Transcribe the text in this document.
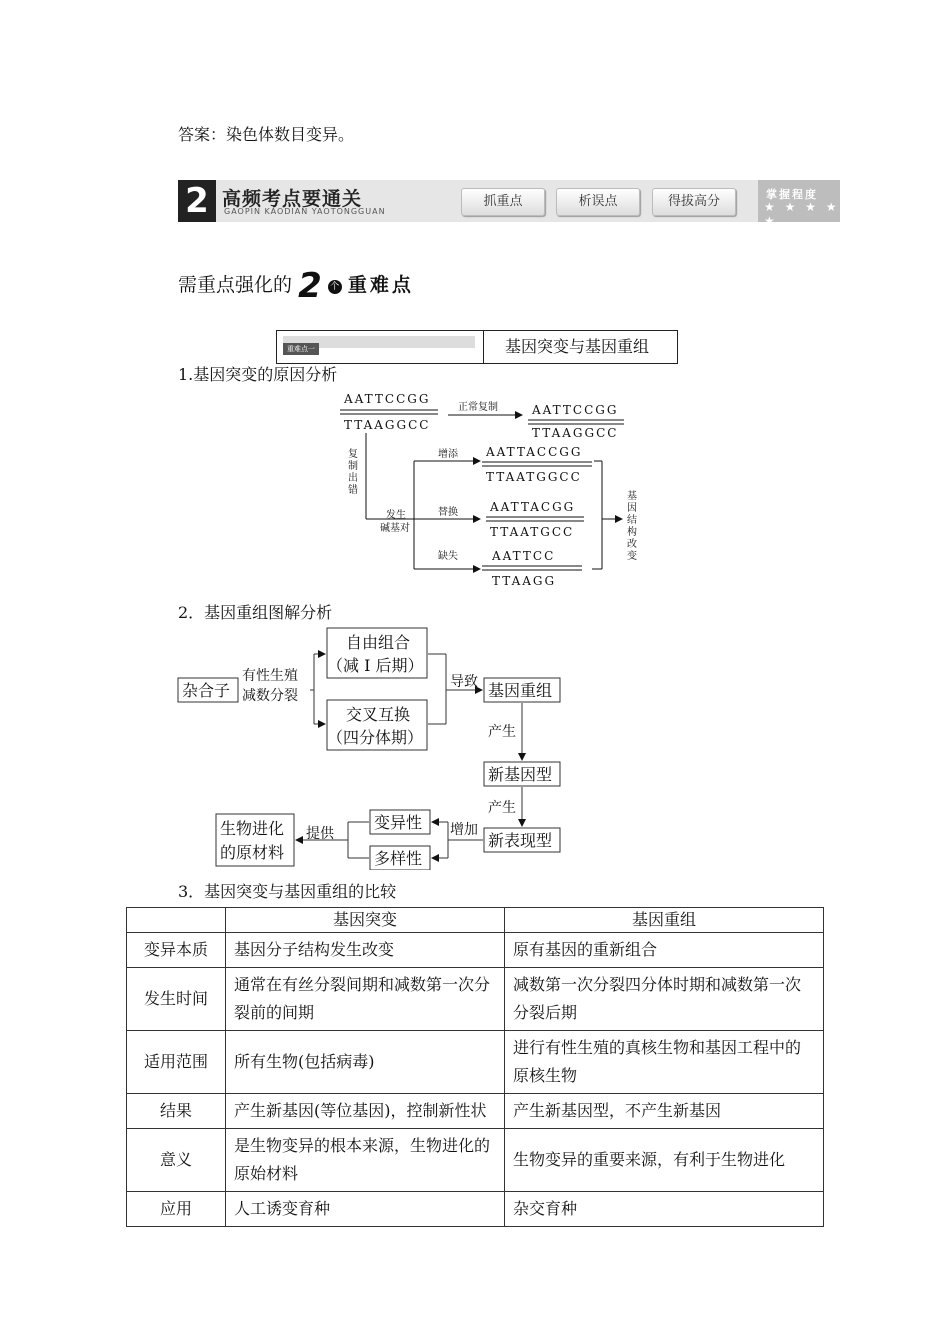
答案：染色体数目变异。
2 高频考点要通关
GAOPIN KAODIAN YAOTONGGUAN
抓重点	析误点	得拔高分	掌握程度
★ ★ ★ ★ ★
需重点强化的 2 个 重难点
重难点一	基因突变与基因重组
1.基因突变的原因分析
AATTCCGG
TTAAGGCC
正常复制	AATTCCGG
TTAAGGCC
复
制
出
错
发生
碱基对
增添
替换
缺失
AATTACCGG
TTAATGGCC
AATTACGG
TTAATGCC
AATTCC
TTAAGG
基
因
结
构
改
变
2．基因重组图解分析
杂合子
有性生殖
减数分裂
自由组合
（减 Ⅰ 后期）
交叉互换
（四分体期）
导致 基因重组
产生
新基因型
产生
新表现型
增加
变异性
多样性
提供
生物进化
的原材料
3．基因突变与基因重组的比较
	基因突变	基因重组
变异本质	基因分子结构发生改变	原有基因的重新组合
发生时间	通常在有丝分裂间期和减数第一次分裂前的间期	减数第一次分裂四分体时期和减数第一次分裂后期
适用范围	所有生物(包括病毒)	进行有性生殖的真核生物和基因工程中的原核生物
结果	产生新基因(等位基因)，控制新性状	产生新基因型，不产生新基因
意义	是生物变异的根本来源，生物进化的原始材料	生物变异的重要来源，有利于生物进化
应用	人工诱变育种	杂交育种
